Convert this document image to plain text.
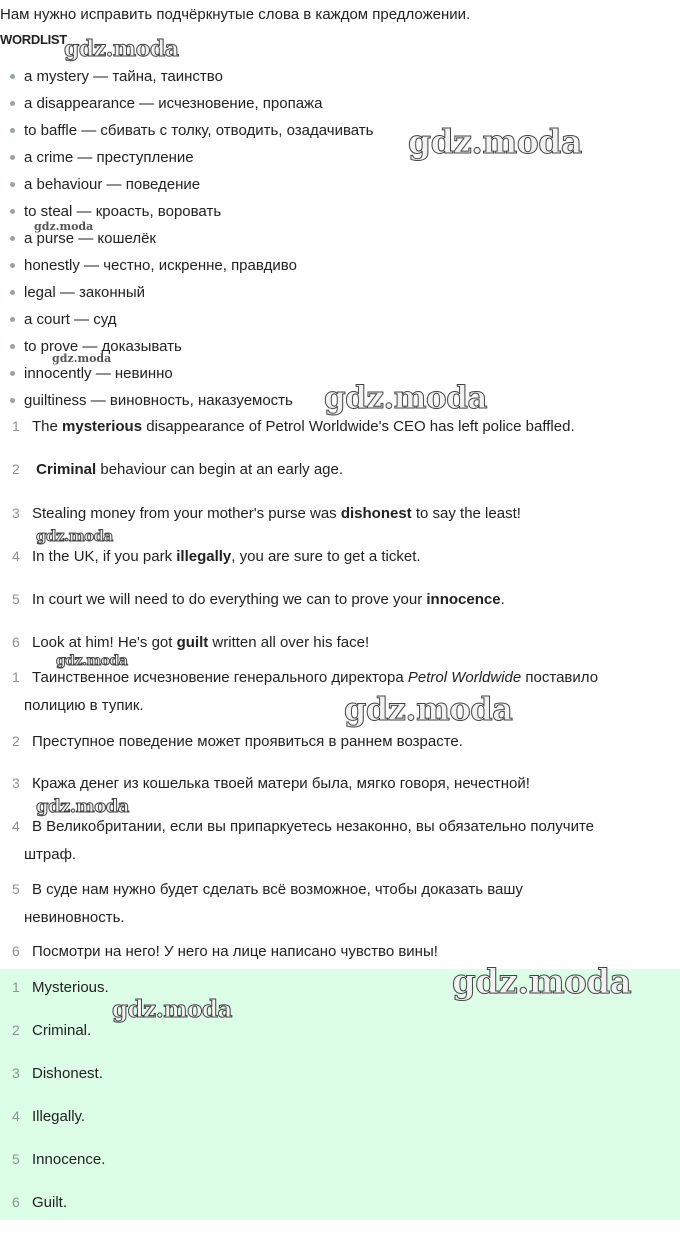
Нам нужно исправить подчёркнутые слова в каждом предложении.
WORDLIST
a mystery — тайна, таинство
a disappearance — исчезновение, пропажа
to baffle — сбивать с толку, отводить, озадачивать
a crime — преступление
a behaviour — поведение
to steal — кроасть, воровать
a purse — кошелёк
honestly — честно, искренне, правдиво
legal — законный
a court — суд
to prove — доказывать
innocently — невинно
guiltiness — виновность, наказуемость
1 The mysterious disappearance of Petrol Worldwide's CEO has left police baffled.
2 Criminal behaviour can begin at an early age.
3 Stealing money from your mother's purse was dishonest to say the least!
4 In the UK, if you park illegally, you are sure to get a ticket.
5 In court we will need to do everything we can to prove your innocence.
6 Look at him! He's got guilt written all over his face!
1 Таинственное исчезновение генерального директора Petrol Worldwide поставило
полицию в тупик.
2 Преступное поведение может проявиться в раннем возрасте.
3 Кража денег из кошелька твоей матери была, мягко говоря, нечестной!
4 В Великобритании, если вы припаркуетесь незаконно, вы обязательно получите
штраф.
5 В суде нам нужно будет сделать всё возможное, чтобы доказать вашу
невиновность.
6 Посмотри на него! У него на лице написано чувство вины!
1 Mysterious.
2 Criminal.
3 Dishonest.
4 Illegally.
5 Innocence.
6 Guilt.
gdz.moda
gdz.moda
gdz.moda
gdz.moda
gdz.moda
gdz.moda
gdz.moda
gdz.moda
gdz.moda
gdz.moda
gdz.moda
